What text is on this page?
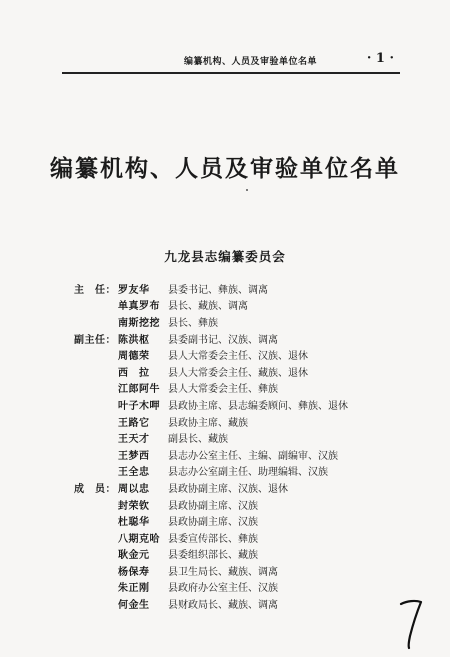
编纂机构、人员及审验单位名单	· 1 ·
编纂机构、人员及审验单位名单
九龙县志编纂委员会
主　任： 罗友华	县委书记、彝族、调离
单真罗布 县长、藏族、调离
南斯挖挖 县长、彝族
副主任： 陈洪枢	县委副书记、汉族、调离
周德荣	县人大常委会主任、汉族、退休
西　拉	县人大常委会主任、藏族、退休
江郎阿牛 县人大常委会主任、彝族
叶子木呷 县政协主席、县志编委顾问、彝族、退休
王路它	县政协主席、藏族
王天才	副县长、藏族
王梦西	县志办公室主任、主编、副编审、汉族
王全忠	县志办公室副主任、助理编辑、汉族
成　员： 周以忠	县政协副主席、汉族、退休
封荣钦	县政协副主席、汉族
杜聪华	县政协副主席、汉族
八期克哈 县委宣传部长、彝族
耿金元	县委组织部长、藏族
杨保寿	县卫生局长、藏族、调离
朱正刚	县政府办公室主任、汉族
何金生	县财政局长、藏族、调离
